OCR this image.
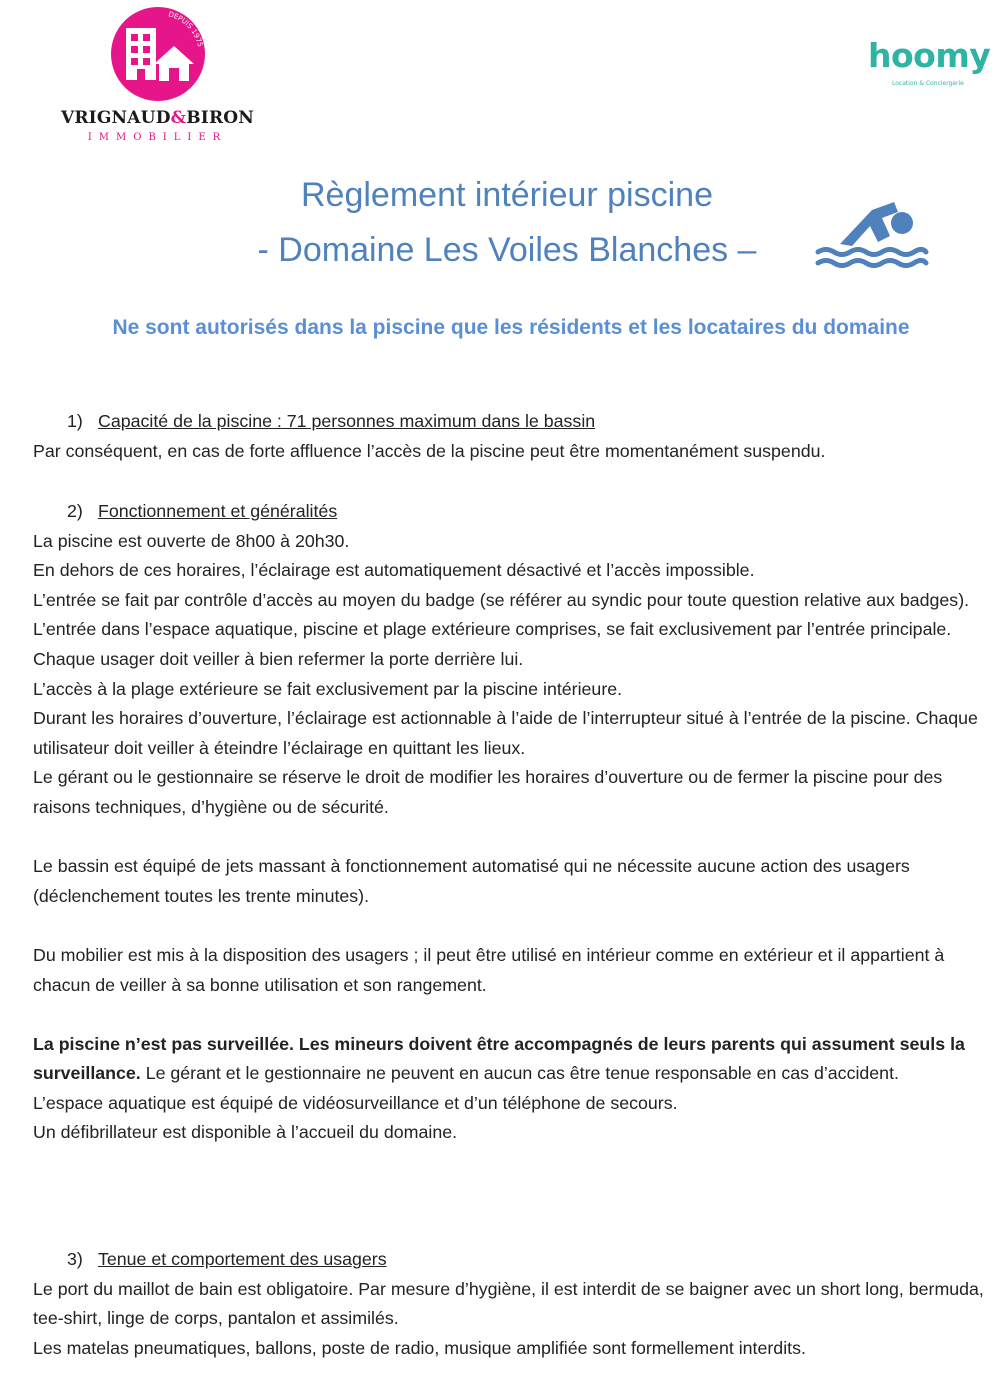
DEPUIS 1975
VRIGNAUD&BIRON
IMMOBILIER
hoomy
Location & Conciergerie
Règlement intérieur piscine
- Domaine Les Voiles Blanches –
Ne sont autorisés dans la piscine que les résidents et les locataires du domaine

1) Capacité de la piscine : 71 personnes maximum dans le bassin

Par conséquent, en cas de forte affluence l’accès de la piscine peut être momentanément suspendu.

2) Fonctionnement et généralités

La piscine est ouverte de 8h00 à 20h30.

En dehors de ces horaires, l’éclairage est automatiquement désactivé et l’accès impossible.

L’entrée se fait par contrôle d’accès au moyen du badge (se référer au syndic pour toute question relative aux badges).

L’entrée dans l’espace aquatique, piscine et plage extérieure comprises, se fait exclusivement par l’entrée principale. Chaque usager doit veiller à bien refermer la porte derrière lui.

L’accès à la plage extérieure se fait exclusivement par la piscine intérieure.

Durant les horaires d’ouverture, l’éclairage est actionnable à l’aide de l’interrupteur situé à l’entrée de la piscine. Chaque utilisateur doit veiller à éteindre l’éclairage en quittant les lieux.

Le gérant ou le gestionnaire se réserve le droit de modifier les horaires d’ouverture ou de fermer la piscine pour des raisons techniques, d’hygiène ou de sécurité.

Le bassin est équipé de jets massant à fonctionnement automatisé qui ne nécessite aucune action des usagers (déclenchement toutes les trente minutes).

Du mobilier est mis à la disposition des usagers ; il peut être utilisé en intérieur comme en extérieur et il appartient à chacun de veiller à sa bonne utilisation et son rangement.

La piscine n’est pas surveillée. Les mineurs doivent être accompagnés de leurs parents qui assument seuls la surveillance. Le gérant et le gestionnaire ne peuvent en aucun cas être tenue responsable en cas d’accident.

L’espace aquatique est équipé de vidéosurveillance et d’un téléphone de secours.

Un défibrillateur est disponible à l’accueil du domaine.

3) Tenue et comportement des usagers

Le port du maillot de bain est obligatoire. Par mesure d’hygiène, il est interdit de se baigner avec un short long, bermuda, tee-shirt, linge de corps, pantalon et assimilés.

Les matelas pneumatiques, ballons, poste de radio, musique amplifiée sont formellement interdits.
